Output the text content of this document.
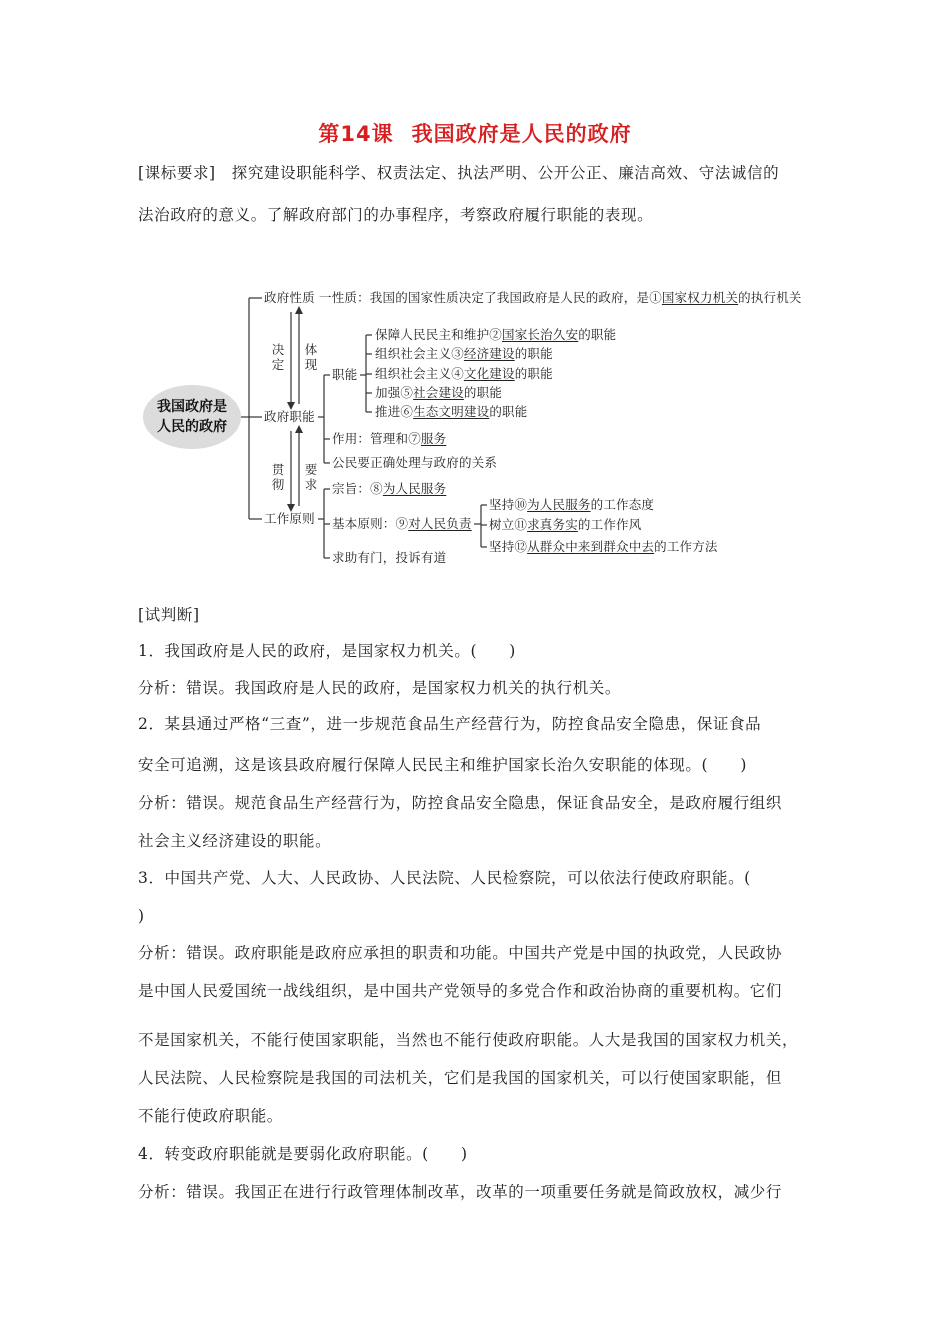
第14课 我国政府是人民的政府
[课标要求]　探究建设职能科学、权责法定、执法严明、公开公正、廉洁高效、守法诚信的
法治政府的意义。了解政府部门的办事程序，考察政府履行职能的表现。
我国政府是
人民的政府
政府性质 一性质：我国的国家性质决定了我国政府是人民的政府，是①国家权力机关的执行机关
决定
体现
贯彻
要求
政府职能
职能
保障人民民主和维护②国家长治久安的职能
组织社会主义③经济建设的职能
组织社会主义④文化建设的职能
加强⑤社会建设的职能
推进⑥生态文明建设的职能
作用：管理和⑦服务
公民要正确处理与政府的关系
工作原则
宗旨：⑧为人民服务
基本原则：⑨对人民负责
坚持⑩为人民服务的工作态度
树立⑪求真务实的工作作风
坚持⑫从群众中来到群众中去的工作方法
求助有门，投诉有道
[试判断]
1．我国政府是人民的政府，是国家权力机关。(　　)
分析：错误。我国政府是人民的政府，是国家权力机关的执行机关。
2．某县通过严格“三查”，进一步规范食品生产经营行为，防控食品安全隐患，保证食品
安全可追溯，这是该县政府履行保障人民民主和维护国家长治久安职能的体现。(　　)
分析：错误。规范食品生产经营行为，防控食品安全隐患，保证食品安全，是政府履行组织
社会主义经济建设的职能。
3．中国共产党、人大、人民政协、人民法院、人民检察院，可以依法行使政府职能。(
)
分析：错误。政府职能是政府应承担的职责和功能。中国共产党是中国的执政党，人民政协
是中国人民爱国统一战线组织，是中国共产党领导的多党合作和政治协商的重要机构。它们
不是国家机关，不能行使国家职能，当然也不能行使政府职能。人大是我国的国家权力机关，
人民法院、人民检察院是我国的司法机关，它们是我国的国家机关，可以行使国家职能，但
不能行使政府职能。
4．转变政府职能就是要弱化政府职能。(　　)
分析：错误。我国正在进行行政管理体制改革，改革的一项重要任务就是简政放权，减少行
